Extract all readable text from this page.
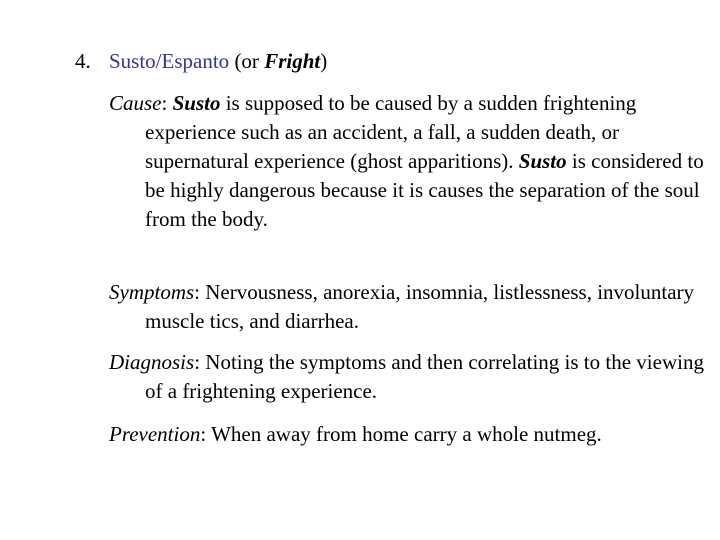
4. Susto/Espanto (or Fright)
Cause: Susto is supposed to be caused by a sudden frightening experience such as an accident, a fall, a sudden death, or supernatural experience (ghost apparitions). Susto is considered to be highly dangerous because it is causes the separation of the soul from the body.
Symptoms: Nervousness, anorexia, insomnia, listlessness, involuntary muscle tics, and diarrhea.
Diagnosis: Noting the symptoms and then correlating is to the viewing of a frightening experience.
Prevention: When away from home carry a whole nutmeg.
